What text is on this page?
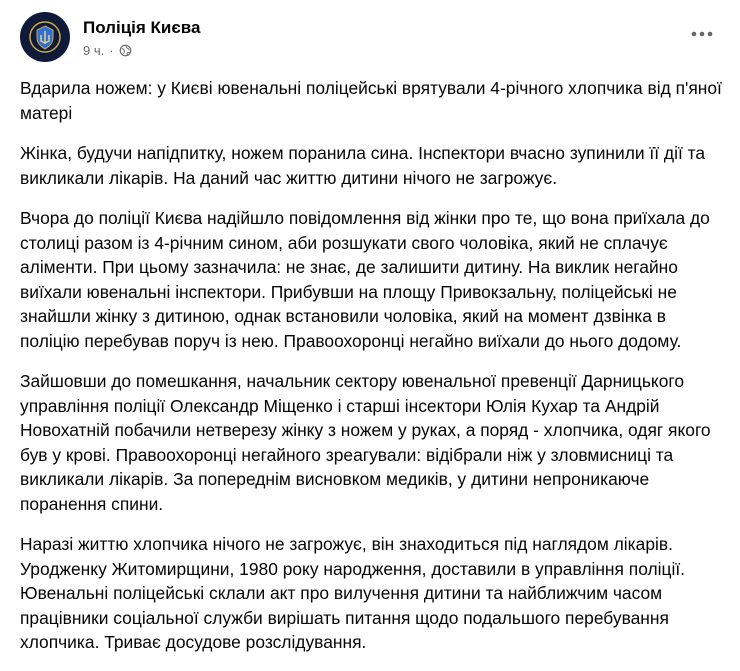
Поліція Києва
9 ч. ·

Вдарила ножем: у Києві ювенальні поліцейські врятували 4-річного хлопчика від п'яної матері

Жінка, будучи напідпитку, ножем поранила сина. Інспектори вчасно зупинили її дії та викликали лікарів. На даний час життю дитини нічого не загрожує.

Вчора до поліції Києва надійшло повідомлення від жінки про те, що вона приїхала до столиці разом із 4-річним сином, аби розшукати свого чоловіка, який не сплачує аліменти. При цьому зазначила: не знає, де залишити дитину. На виклик негайно виїхали ювенальні інспектори. Прибувши на площу Привокзальну, поліцейські не знайшли жінку з дитиною, однак встановили чоловіка, який на момент дзвінка в поліцію перебував поруч із нею. Правоохоронці негайно виїхали до нього додому.

Зайшовши до помешкання, начальник сектору ювенальної превенції Дарницького управління поліції Олександр Міщенко і старші інсектори Юлія Кухар та Андрій Новохатній побачили нетверезу жінку з ножем у руках, а поряд - хлопчика, одяг якого був у крові. Правоохоронці негайного зреагували: відібрали ніж у зловмисниці та викликали лікарів. За попереднім висновком медиків, у дитини непроникаюче поранення спини.

Наразі життю хлопчика нічого не загрожує, він знаходиться під наглядом лікарів. Уродженку Житомирщини, 1980 року народження, доставили в управління поліції. Ювенальні поліцейські склали акт про вилучення дитини та найближчим часом працівники соціальної служби вирішать питання щодо подальшого перебування хлопчика. Триває досудове розслідування.
